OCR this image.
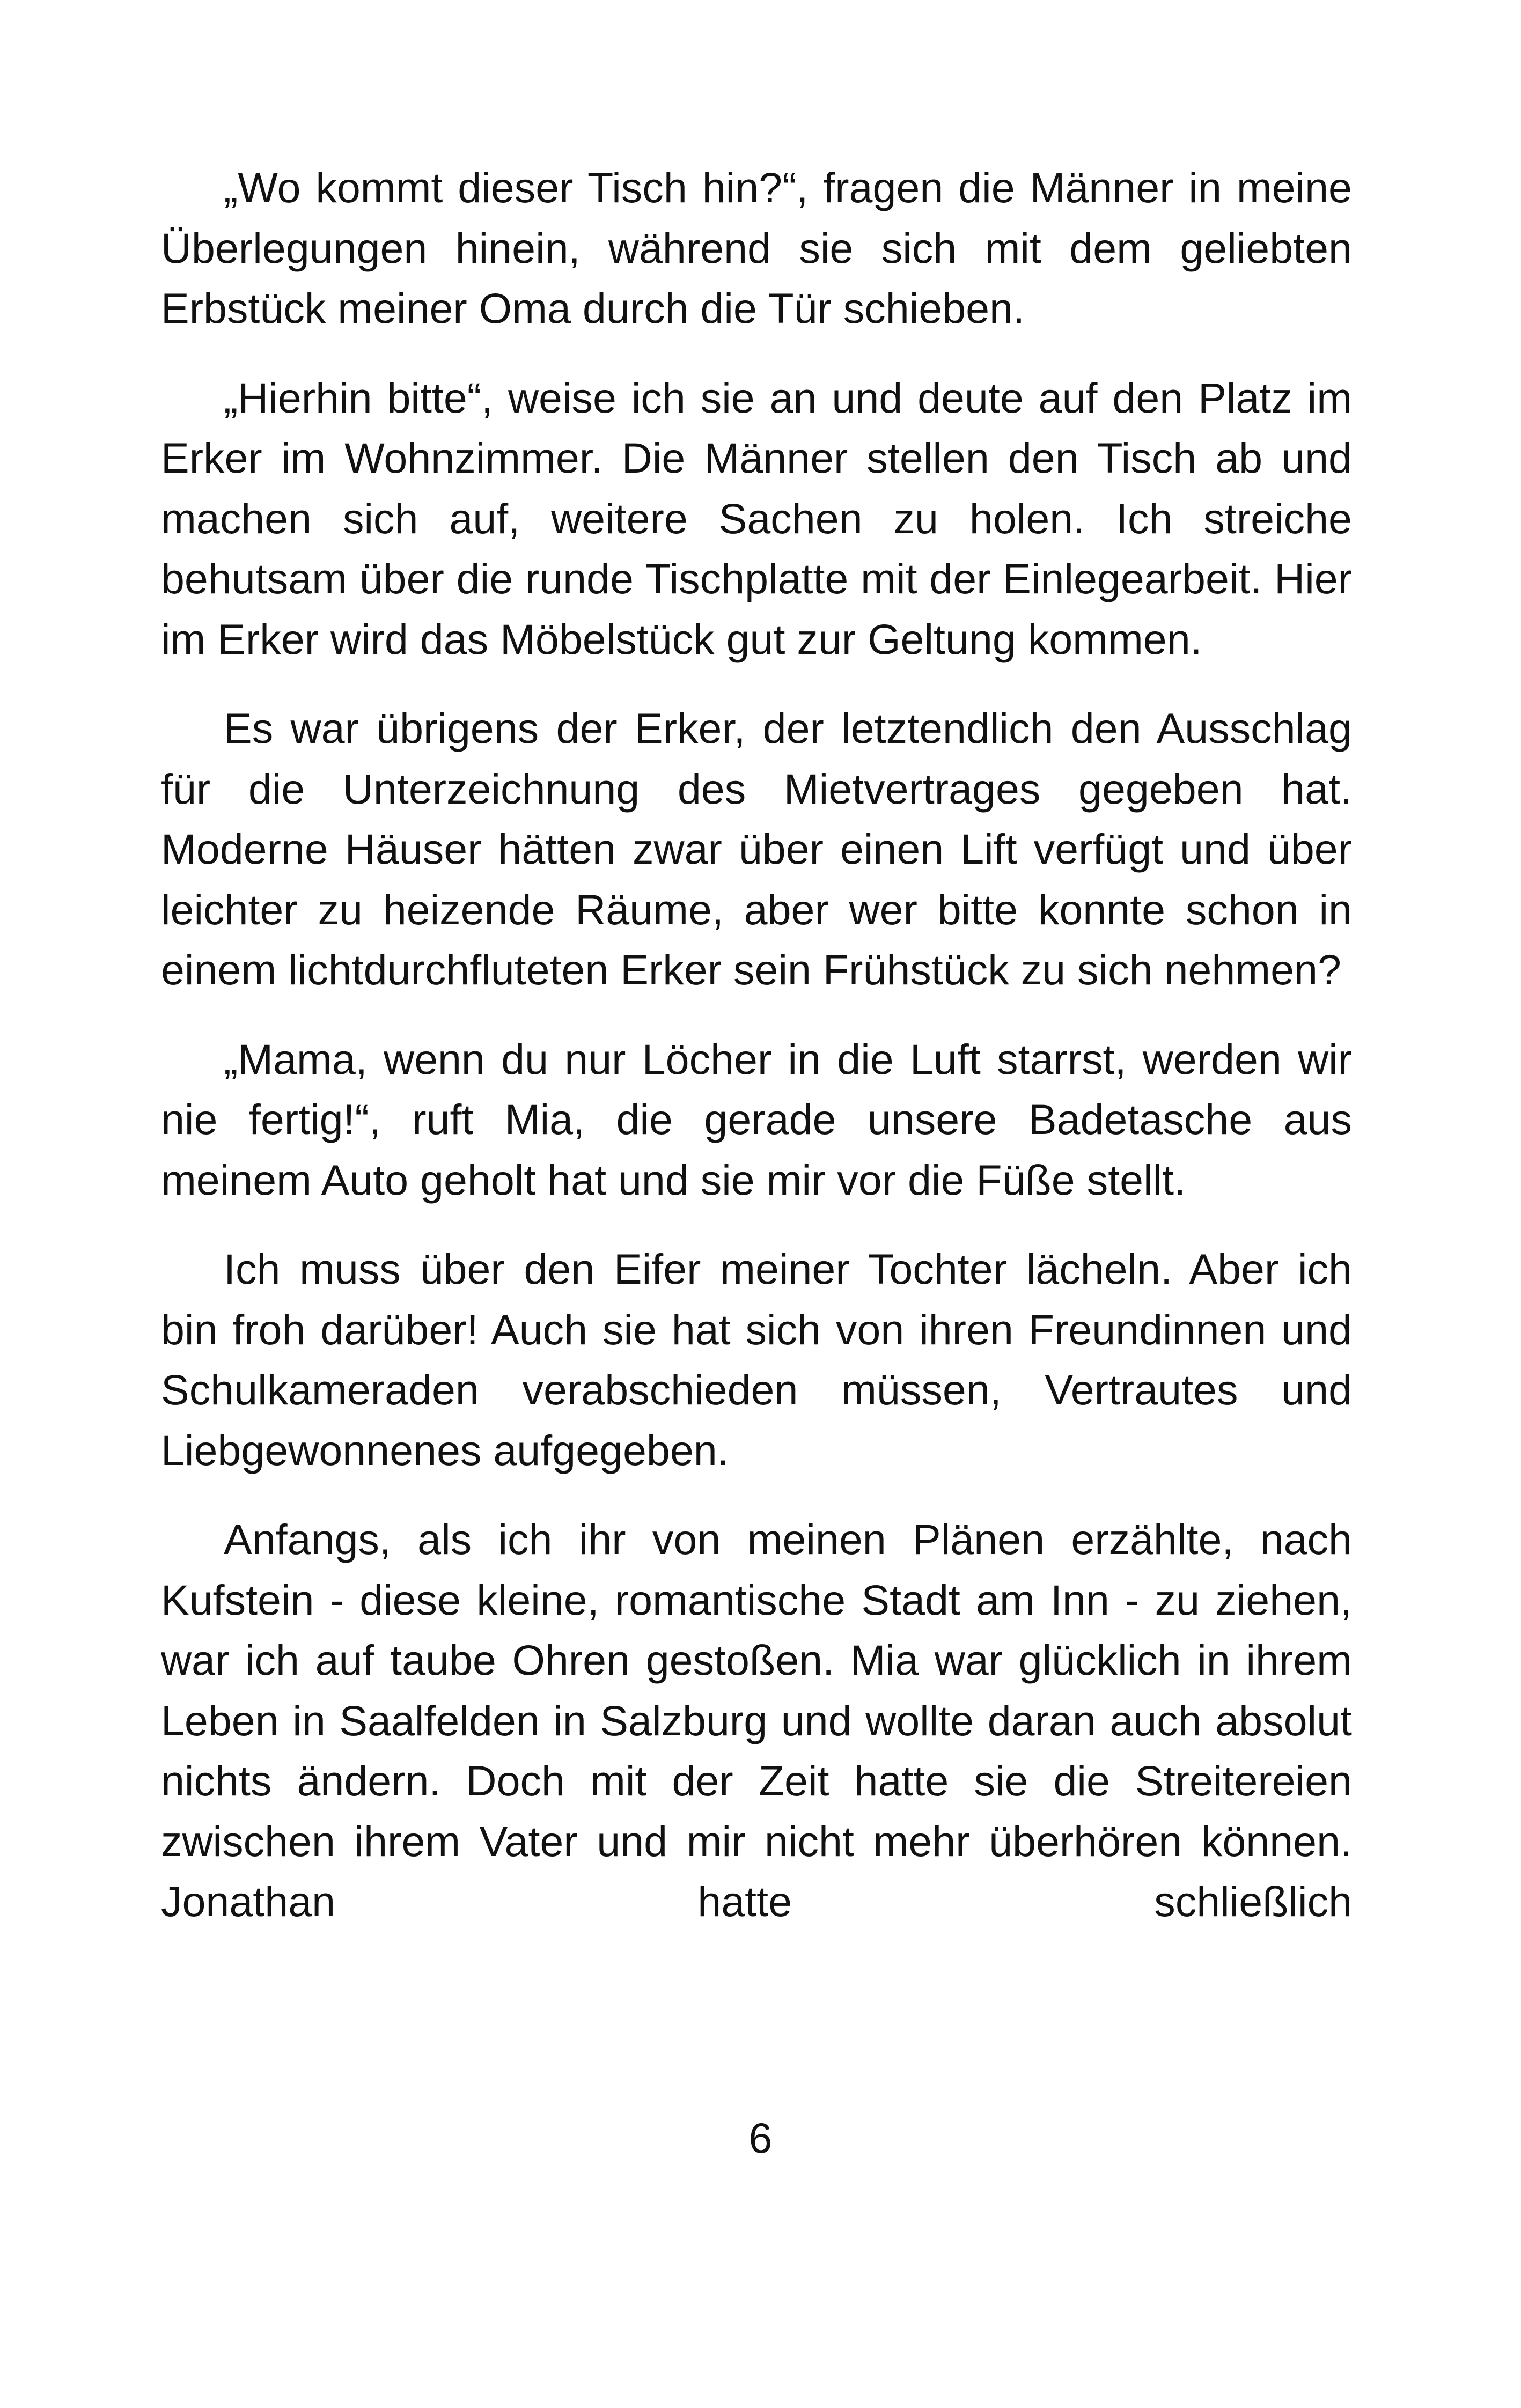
„Wo kommt dieser Tisch hin?“, fragen die Männer in meine Überlegungen hinein, während sie sich mit dem geliebten Erbstück meiner Oma durch die Tür schieben.

„Hierhin bitte“, weise ich sie an und deute auf den Platz im Erker im Wohnzimmer. Die Männer stellen den Tisch ab und machen sich auf, weitere Sachen zu holen. Ich streiche behutsam über die runde Tischplatte mit der Einlegearbeit. Hier im Erker wird das Möbelstück gut zur Geltung kommen.

Es war übrigens der Erker, der letztendlich den Ausschlag für die Unterzeichnung des Mietvertrages gegeben hat. Moderne Häuser hätten zwar über einen Lift verfügt und über leichter zu heizende Räume, aber wer bitte konnte schon in einem lichtdurchfluteten Erker sein Frühstück zu sich nehmen?

„Mama, wenn du nur Löcher in die Luft starrst, werden wir nie fertig!“, ruft Mia, die gerade unsere Badetasche aus meinem Auto geholt hat und sie mir vor die Füße stellt.

Ich muss über den Eifer meiner Tochter lächeln. Aber ich bin froh darüber! Auch sie hat sich von ihren Freundinnen und Schulkameraden verabschieden müssen, Vertrautes und Liebgewonnenes aufgegeben.

Anfangs, als ich ihr von meinen Plänen erzählte, nach Kufstein - diese kleine, romantische Stadt am Inn - zu ziehen, war ich auf taube Ohren gestoßen. Mia war glücklich in ihrem Leben in Saalfelden in Salzburg und wollte daran auch absolut nichts ändern. Doch mit der Zeit hatte sie die Streitereien zwischen ihrem Vater und mir nicht mehr überhören können. Jonathan hatte schließlich

6
